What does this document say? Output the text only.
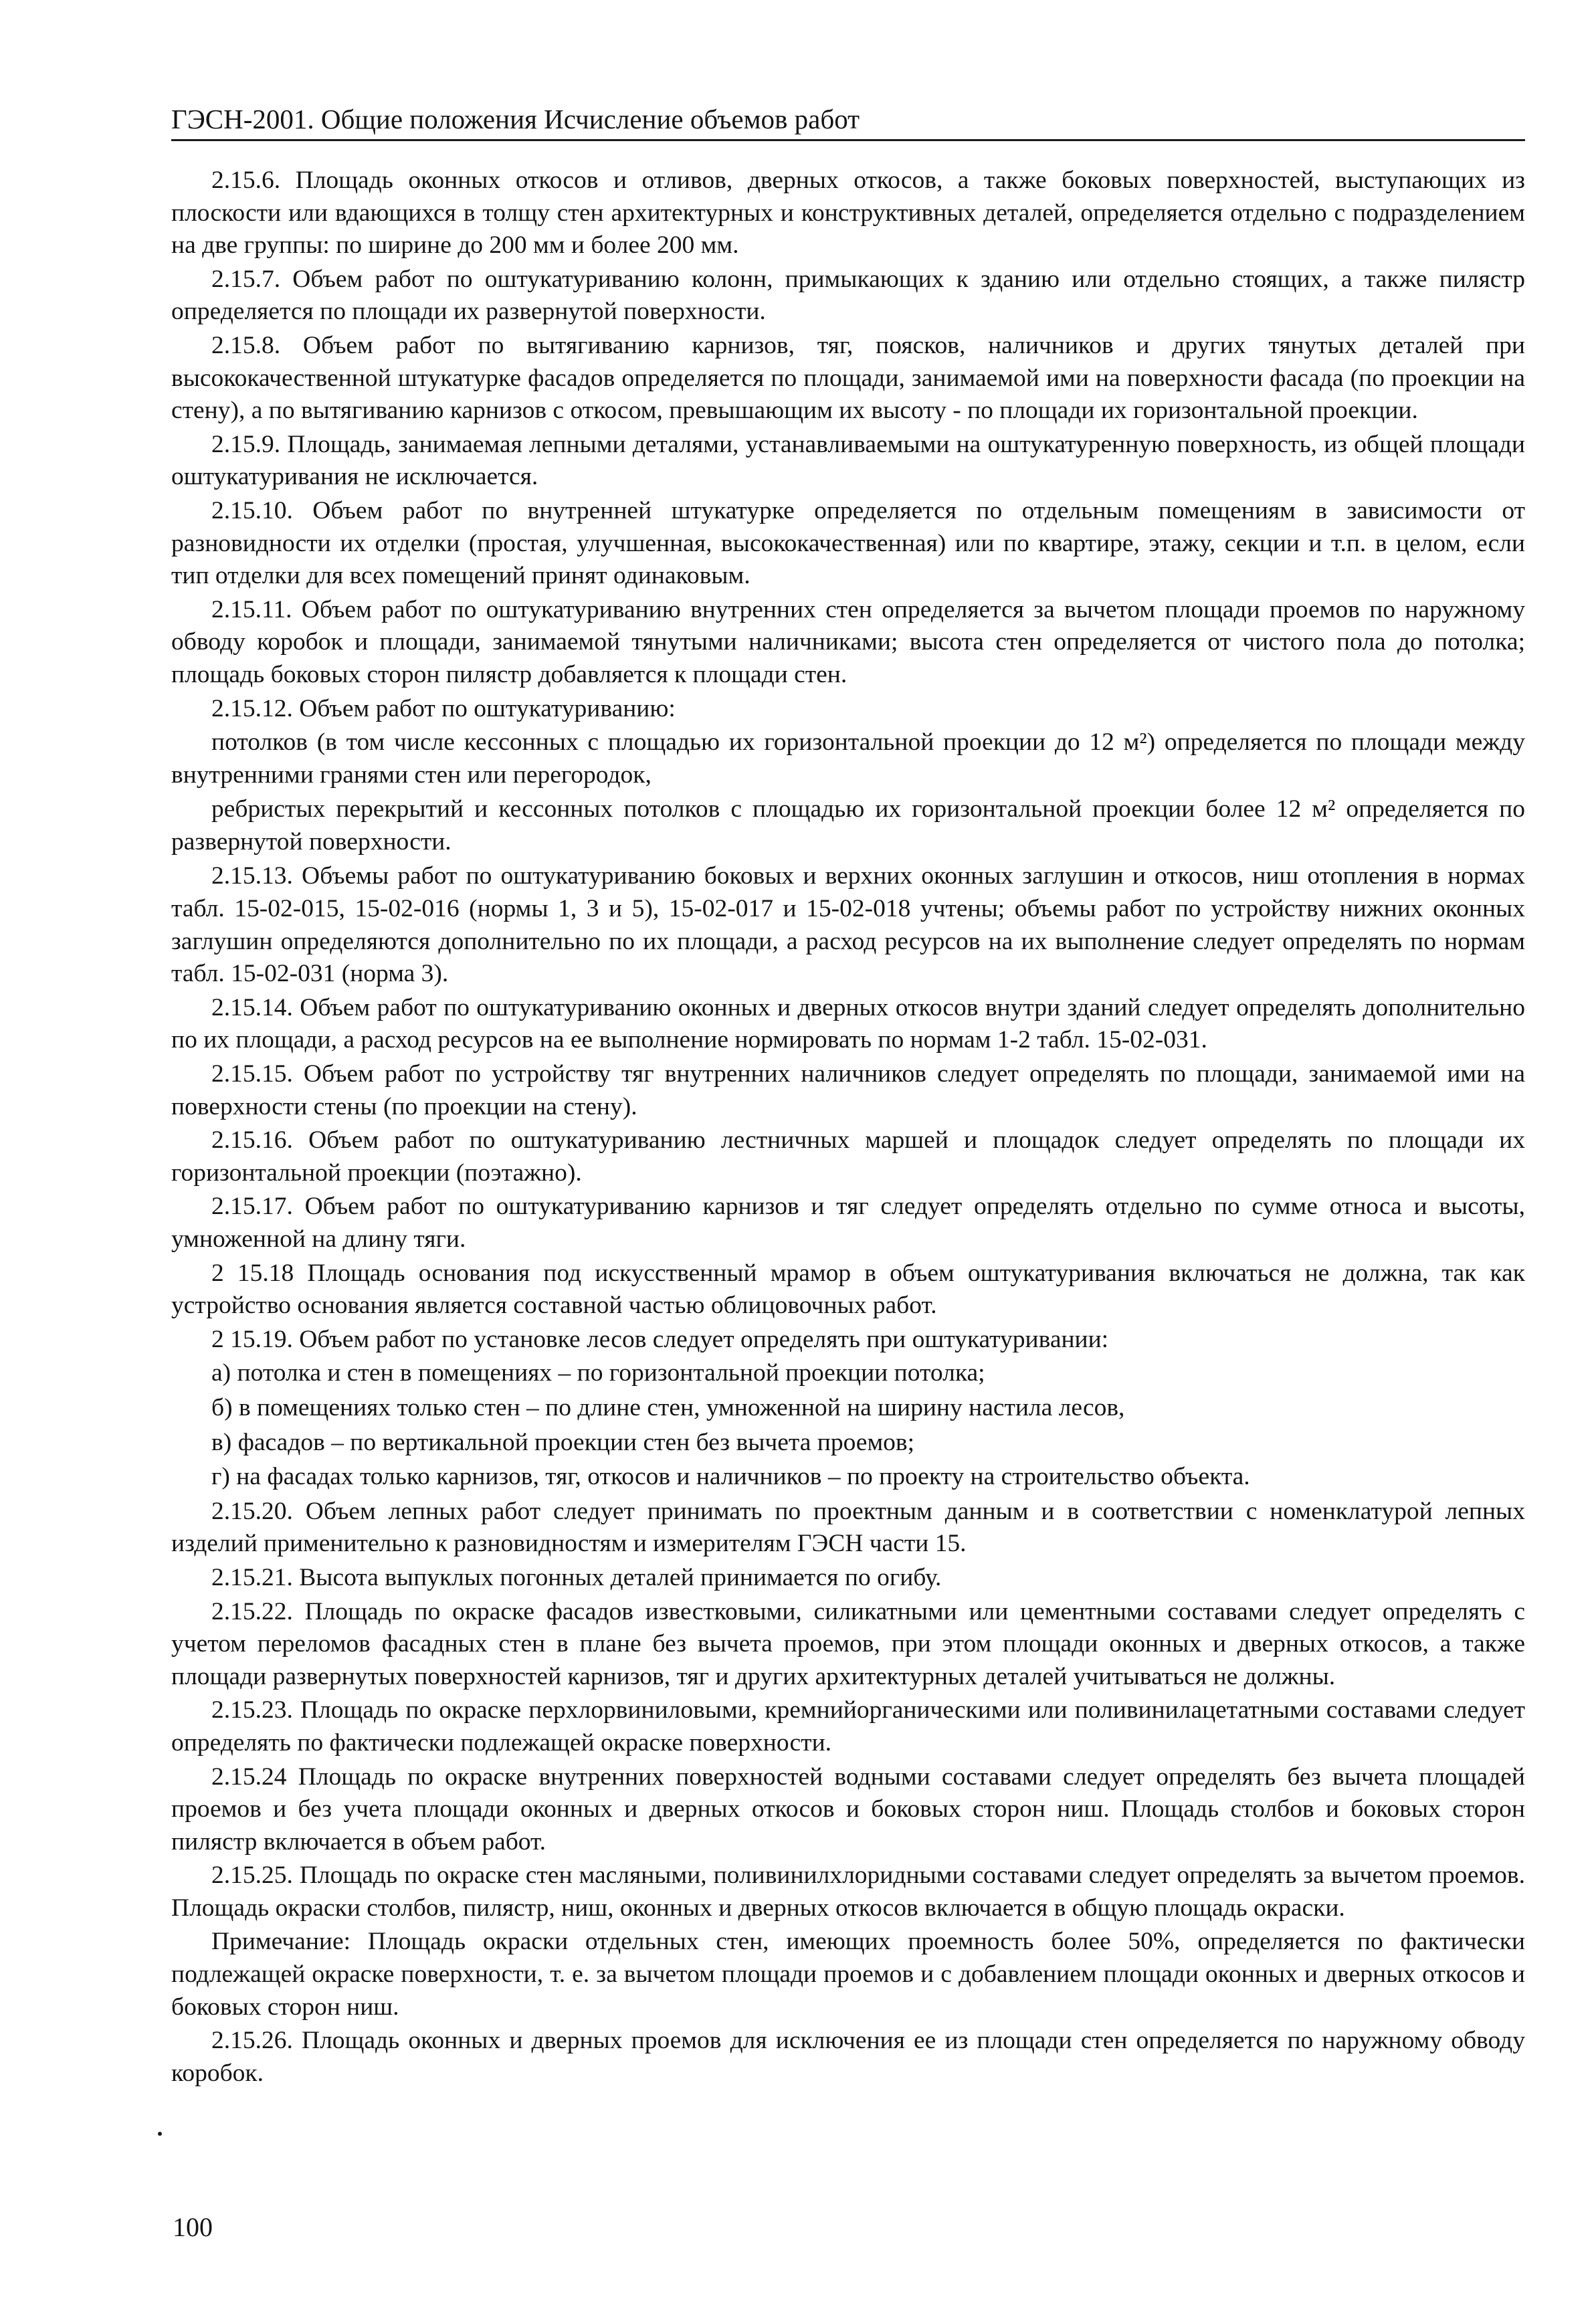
ГЭСН-2001. Общие положения Исчисление объемов работ

2.15.6. Площадь оконных откосов и отливов, дверных откосов, а также боковых поверхностей, выступающих из плоскости или вдающихся в толщу стен архитектурных и конструктивных деталей, определяется отдельно с подразделением на две группы: по ширине до 200 мм и более 200 мм.

2.15.7. Объем работ по оштукатуриванию колонн, примыкающих к зданию или отдельно стоящих, а также пилястр определяется по площади их развернутой поверхности.

2.15.8. Объем работ по вытягиванию карнизов, тяг, поясков, наличников и других тянутых деталей при высококачественной штукатурке фасадов определяется по площади, занимаемой ими на поверхности фасада (по проекции на стену), а по вытягиванию карнизов с откосом, превышающим их высоту - по площади их горизонтальной проекции.

2.15.9. Площадь, занимаемая лепными деталями, устанавливаемыми на оштукатуренную поверхность, из общей площади оштукатуривания не исключается.

2.15.10. Объем работ по внутренней штукатурке определяется по отдельным помещениям в зависимости от разновидности их отделки (простая, улучшенная, высококачественная) или по квартире, этажу, секции и т.п. в целом, если тип отделки для всех помещений принят одинаковым.

2.15.11. Объем работ по оштукатуриванию внутренних стен определяется за вычетом площади проемов по наружному обводу коробок и площади, занимаемой тянутыми наличниками; высота стен определяется от чистого пола до потолка; площадь боковых сторон пилястр добавляется к площади стен.

2.15.12. Объем работ по оштукатуриванию:

потолков (в том числе кессонных с площадью их горизонтальной проекции до 12 м²) определяется по площади между внутренними гранями стен или перегородок,

ребристых перекрытий и кессонных потолков с площадью их горизонтальной проекции более 12 м² определяется по развернутой поверхности.

2.15.13. Объемы работ по оштукатуриванию боковых и верхних оконных заглушин и откосов, ниш отопления в нормах табл. 15-02-015, 15-02-016 (нормы 1, 3 и 5), 15-02-017 и 15-02-018 учтены; объемы работ по устройству нижних оконных заглушин определяются дополнительно по их площади, а расход ресурсов на их выполнение следует определять по нормам табл. 15-02-031 (норма 3).

2.15.14. Объем работ по оштукатуриванию оконных и дверных откосов внутри зданий следует определять дополнительно по их площади, а расход ресурсов на ее выполнение нормировать по нормам 1-2 табл. 15-02-031.

2.15.15. Объем работ по устройству тяг внутренних наличников следует определять по площади, занимаемой ими на поверхности стены (по проекции на стену).

2.15.16. Объем работ по оштукатуриванию лестничных маршей и площадок следует определять по площади их горизонтальной проекции (поэтажно).

2.15.17. Объем работ по оштукатуриванию карнизов и тяг следует определять отдельно по сумме относа и высоты, умноженной на длину тяги.

2 15.18 Площадь основания под искусственный мрамор в объем оштукатуривания включаться не должна, так как устройство основания является составной частью облицовочных работ.

2 15.19. Объем работ по установке лесов следует определять при оштукатуривании:

а) потолка и стен в помещениях – по горизонтальной проекции потолка;

б) в помещениях только стен – по длине стен, умноженной на ширину настила лесов,

в) фасадов – по вертикальной проекции стен без вычета проемов;

г) на фасадах только карнизов, тяг, откосов и наличников – по проекту на строительство объекта.

2.15.20. Объем лепных работ следует принимать по проектным данным и в соответствии с номенклатурой лепных изделий применительно к разновидностям и измерителям ГЭСН части 15.

2.15.21. Высота выпуклых погонных деталей принимается по огибу.

2.15.22. Площадь по окраске фасадов известковыми, силикатными или цементными составами следует определять с учетом переломов фасадных стен в плане без вычета проемов, при этом площади оконных и дверных откосов, а также площади развернутых поверхностей карнизов, тяг и других архитектурных деталей учитываться не должны.

2.15.23. Площадь по окраске перхлорвиниловыми, кремнийорганическими или поливинилацетатными составами следует определять по фактически подлежащей окраске поверхности.

2.15.24 Площадь по окраске внутренних поверхностей водными составами следует определять без вычета площадей проемов и без учета площади оконных и дверных откосов и боковых сторон ниш. Площадь столбов и боковых сторон пилястр включается в объем работ.

2.15.25. Площадь по окраске стен масляными, поливинилхлоридными составами следует определять за вычетом проемов. Площадь окраски столбов, пилястр, ниш, оконных и дверных откосов включается в общую площадь окраски.

Примечание: Площадь окраски отдельных стен, имеющих проемность более 50%, определяется по фактически подлежащей окраске поверхности, т. е. за вычетом площади проемов и с добавлением площади оконных и дверных откосов и боковых сторон ниш.

2.15.26. Площадь оконных и дверных проемов для исключения ее из площади стен определяется по наружному обводу коробок.

100
